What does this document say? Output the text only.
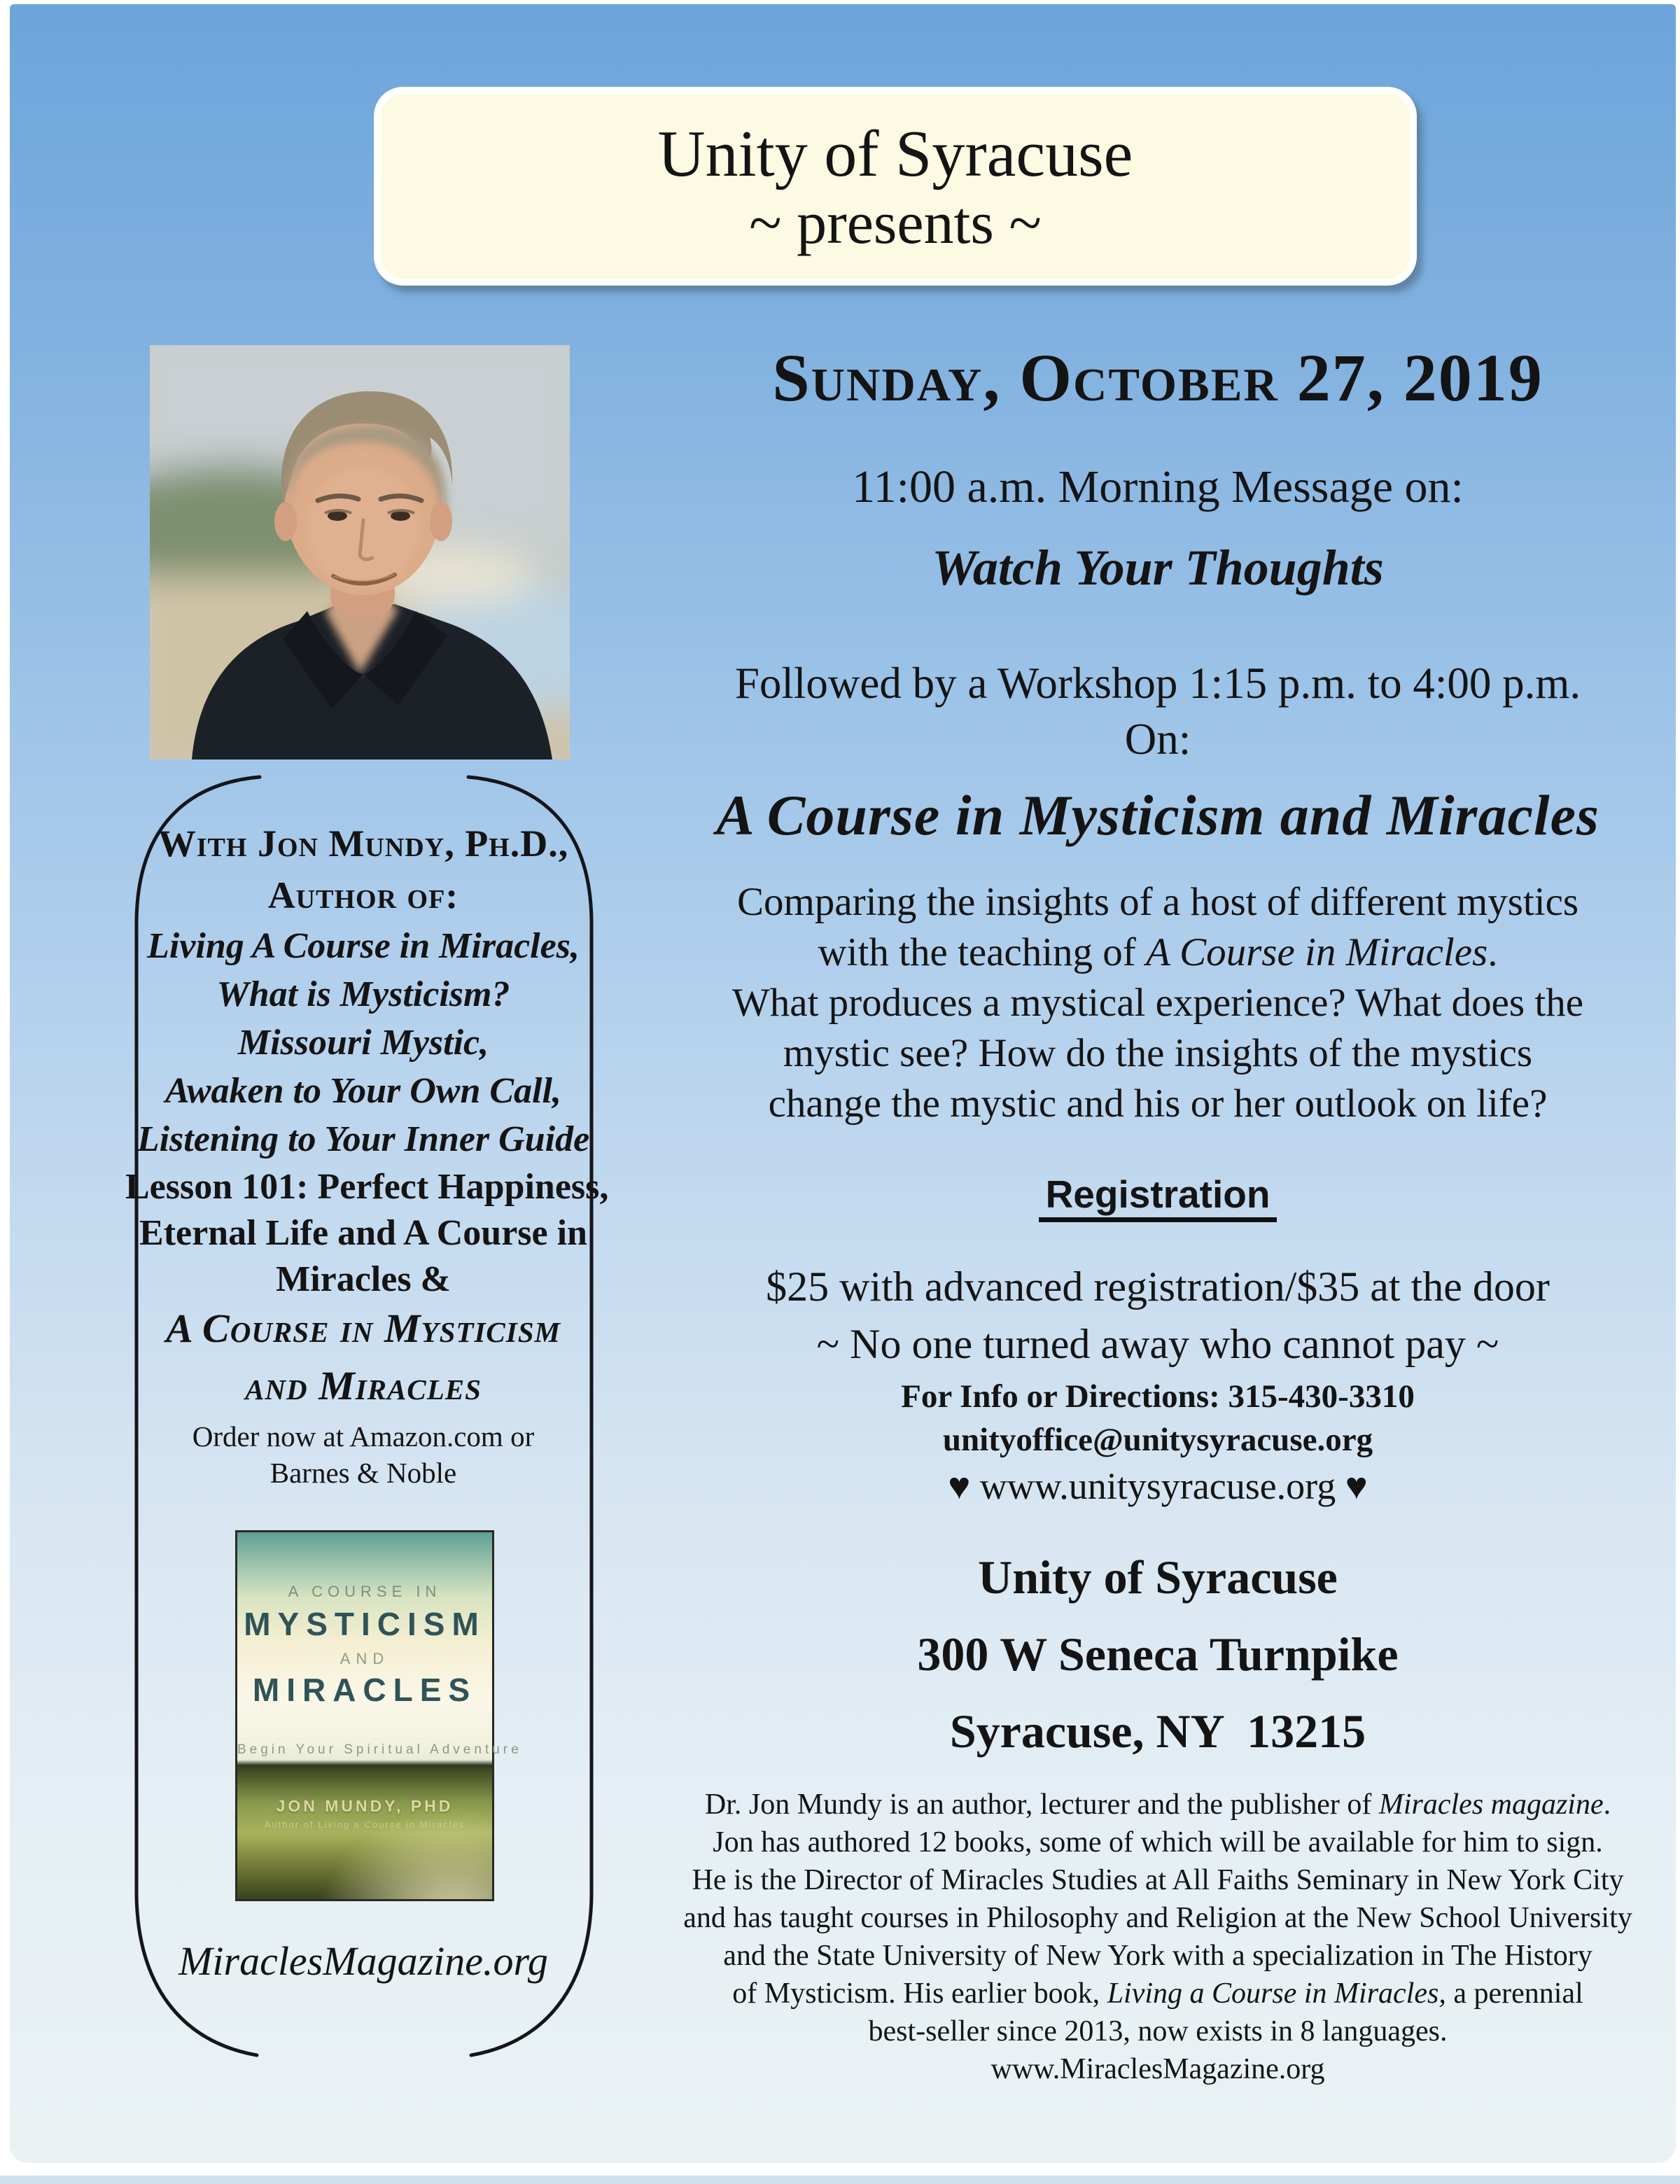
Unity of Syracuse
~ presents ~
With Jon Mundy, Ph.D.,
Author of:
Living A Course in Miracles,
What is Mysticism?
Missouri Mystic,
Awaken to Your Own Call,
Listening to Your Inner Guide
Lesson 101: Perfect Happiness,
Eternal Life and A Course in
Miracles &
A Course in Mysticism
and Miracles
Order now at Amazon.com or
Barnes & Noble
A COURSE IN
MYSTICISM
AND
MIRACLES
Begin Your Spiritual Adventure
JON MUNDY, PHD
Author of Living a Course in Miracles
MiraclesMagazine.org
Sunday, October 27, 2019
11:00 a.m. Morning Message on:
Watch Your Thoughts
Followed by a Workshop 1:15 p.m. to 4:00 p.m.
On:
A Course in Mysticism and Miracles
Comparing the insights of a host of different mystics
with the teaching of A Course in Miracles.
What produces a mystical experience? What does the
mystic see? How do the insights of the mystics
change the mystic and his or her outlook on life?
Registration
$25 with advanced registration/$35 at the door
~ No one turned away who cannot pay ~
For Info or Directions: 315-430-3310
unityoffice@unitysyracuse.org
♥ www.unitysyracuse.org ♥
Unity of Syracuse
300 W Seneca Turnpike
Syracuse, NY  13215
Dr. Jon Mundy is an author, lecturer and the publisher of Miracles magazine.
Jon has authored 12 books, some of which will be available for him to sign.
He is the Director of Miracles Studies at All Faiths Seminary in New York City
and has taught courses in Philosophy and Religion at the New School University
and the State University of New York with a specialization in The History
of Mysticism. His earlier book, Living a Course in Miracles, a perennial
best-seller since 2013, now exists in 8 languages.
www.MiraclesMagazine.org
